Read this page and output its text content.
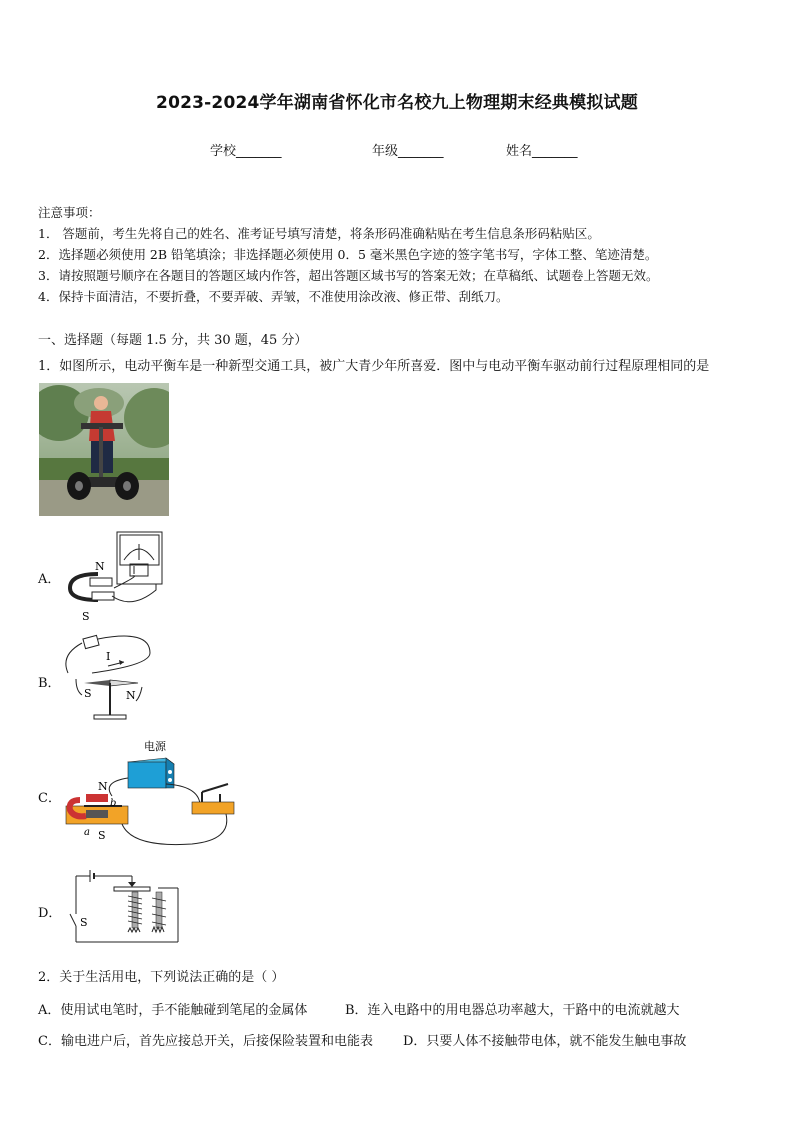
2023-2024学年湖南省怀化市名校九上物理期末经典模拟试题
学校_______	年级_______	姓名_______
注意事项：
1． 答题前，考生先将自己的姓名、准考证号填写清楚，将条形码准确粘贴在考生信息条形码粘贴区。
2．选择题必须使用 2B 铅笔填涂；非选择题必须使用 0．5 毫米黑色字迹的签字笔书写，字体工整、笔迹清楚。
3．请按照题号顺序在各题目的答题区域内作答，超出答题区域书写的答案无效；在草稿纸、试题卷上答题无效。
4．保持卡面清洁，不要折叠，不要弄破、弄皱，不准使用涂改液、修正带、刮纸刀。
一、选择题（每题 1.5 分，共 30 题，45 分）
1．如图所示，电动平衡车是一种新型交通工具，被广大青少年所喜爱．图中与电动平衡车驱动前行过程原理相同的是
A．
N
S
B．
I
S	N
C．
电源
N
b
a S
D．
S
2．关于生活用电，下列说法正确的是（ ）
A．使用试电笔时，手不能触碰到笔尾的金属体	B．连入电路中的用电器总功率越大，干路中的电流就越大
C．输电进户后，首先应接总开关，后接保险装置和电能表 D．只要人体不接触带电体，就不能发生触电事故
